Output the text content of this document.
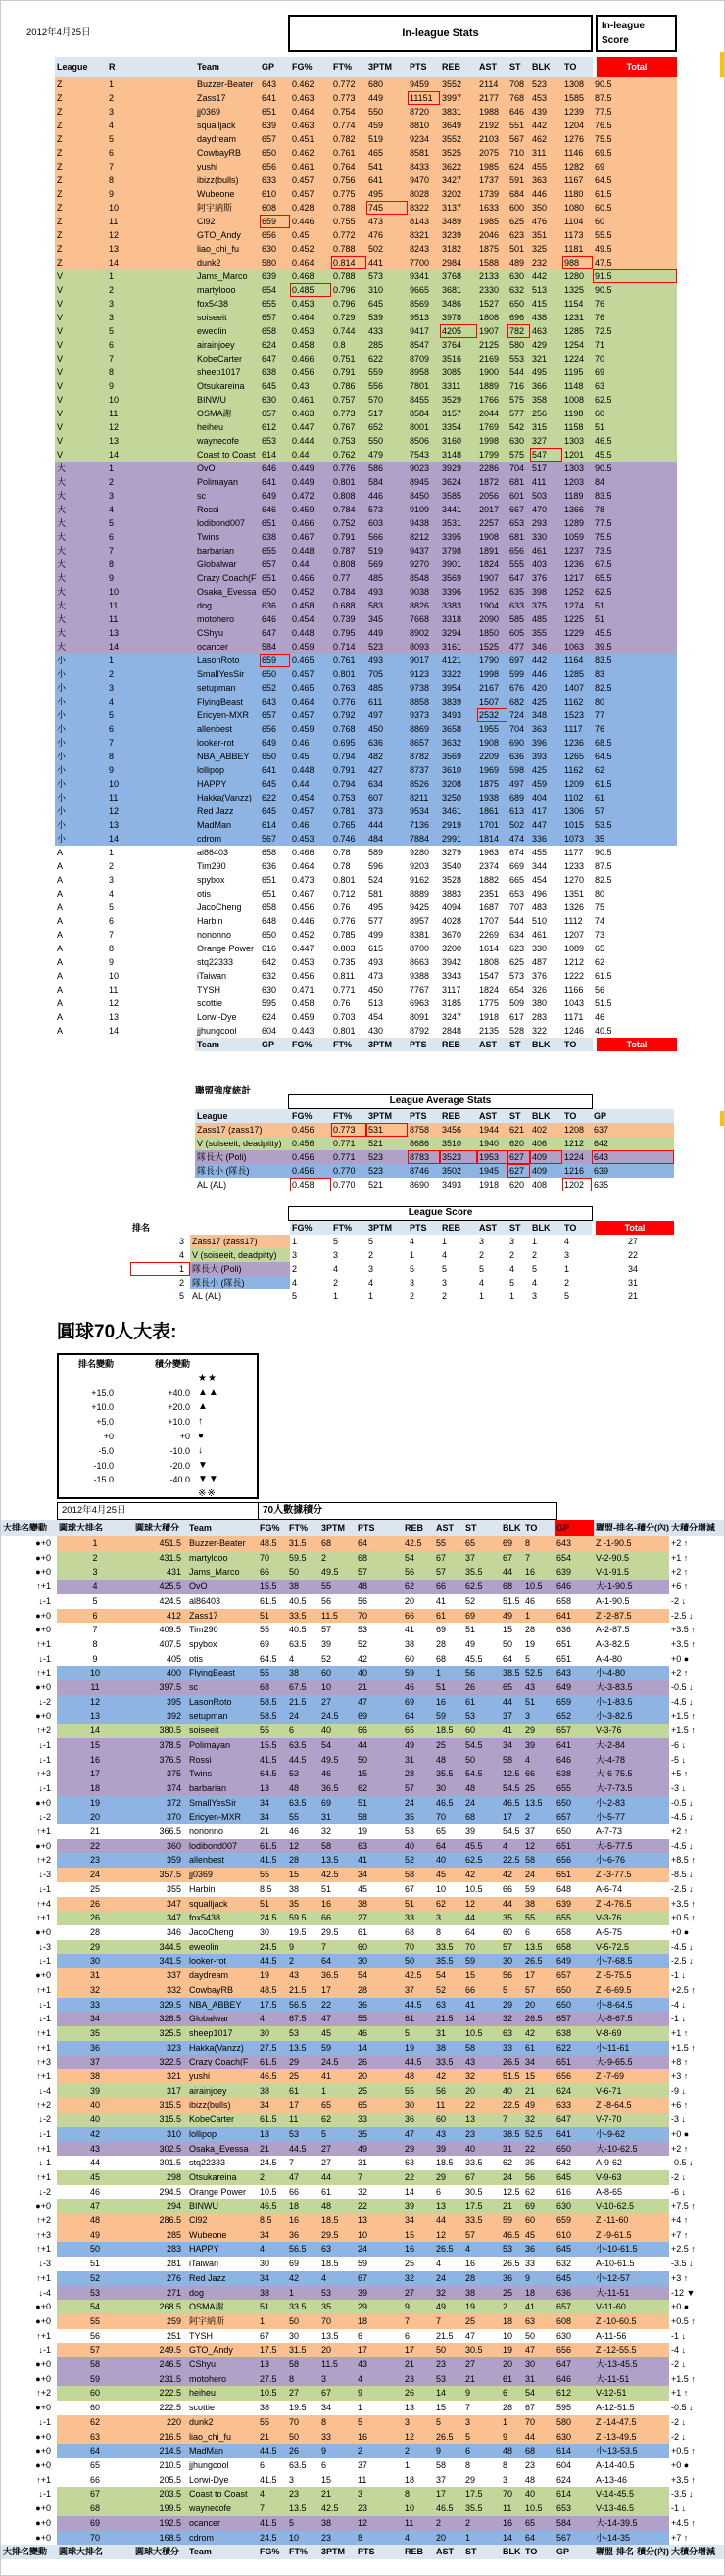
2012年4月25日	In-league Stats
In-league Score
League	R	Team	GP	FG%	FT%	3PTM	PTS	REB	AST	ST	BLK	TO	Total
Z	1	Buzzer-Beater	643	0.462	0.772	680	9459	3552	2114	708	523	1308	90.5
Z	2	Zass17	641	0.463	0.773	449	11151	3997	2177	768	453	1585	87.5
Z	3	jj0369	651	0.464	0.754	550	8720	3831	1988	646	439	1239	77.5
Z	4	squalljack	639	0.463	0.774	459	8810	3649	2192	551	442	1204	76.5
Z	5	daydream	657	0.451	0.782	519	9234	3552	2103	567	462	1276	75.5
Z	6	CowbayRB	650	0.462	0.761	465	8581	3525	2075	710	311	1146	69.5
Z	7	yushi	656	0.461	0.764	541	8433	3622	1985	624	455	1282	69
Z	8	ibizz(bulls)	633	0.457	0.756	641	9470	3427	1737	591	363	1167	64.5
Z	9	Wubeone	610	0.457	0.775	495	8028	3202	1739	684	446	1180	61.5
Z	10	阿宇納斯	608	0.428	0.788	745	8322	3137	1633	600	350	1080	60.5
Z	11	Cl92	659	0.446	0.755	473	8143	3489	1985	625	476	1104	60
Z	12	GTO_Andy	656	0.45	0.772	476	8321	3239	2046	623	351	1173	55.5
Z	13	liao_chi_fu	630	0.452	0.788	502	8243	3182	1875	501	325	1181	49.5
Z	14	dunk2	580	0.464	0.814	441	7700	2984	1588	489	232	988	47.5
V	1	Jams_Marco	639	0.468	0.788	573	9341	3768	2133	630	442	1280	91.5
V	2	martylooo	654	0.485	0.796	310	9665	3681	2330	632	513	1325	90.5
V	3	fox5438	655	0.453	0.796	645	8569	3486	1527	650	415	1154	76
V	3	soiseeit	657	0.464	0.729	539	9513	3978	1808	696	438	1231	76
V	5	eweolin	658	0.453	0.744	433	9417	4205	1907	782	463	1285	72.5
V	6	airainjoey	624	0.458	0.8	285	8547	3764	2125	580	429	1254	71
V	7	KobeCarter	647	0.466	0.751	622	8709	3516	2169	553	321	1224	70
V	8	sheep1017	638	0.456	0.791	559	8958	3085	1900	544	495	1195	69
V	9	Otsukareina	645	0.43	0.786	556	7801	3311	1889	716	366	1148	63
V	10	BINWU	630	0.461	0.757	570	8455	3529	1766	575	358	1008	62.5
V	11	OSMA謝	657	0.463	0.773	517	8584	3157	2044	577	256	1198	60
V	12	heiheu	612	0.447	0.767	652	8001	3354	1769	542	315	1158	51
V	13	waynecofe	653	0.444	0.753	550	8506	3160	1998	630	327	1303	46.5
V	14	Coast to Coast	614	0.44	0.762	479	7543	3148	1799	575	547	1201	45.5
大	1	OvO	646	0.449	0.776	586	9023	3929	2286	704	517	1303	90.5
大	2	Polimayan	641	0.449	0.801	584	8945	3624	1872	681	411	1203	84
大	3	sc	649	0.472	0.808	446	8450	3585	2056	601	503	1189	83.5
大	4	Rossi	646	0.459	0.784	573	9109	3441	2017	667	470	1366	78
大	5	lodibond007	651	0.466	0.752	603	9438	3531	2257	653	293	1289	77.5
大	6	Twins	638	0.467	0.791	566	8212	3395	1908	681	330	1059	75.5
大	7	barbarian	655	0.448	0.787	519	9437	3798	1891	656	461	1237	73.5
大	8	Globalwar	657	0.44	0.808	569	9270	3901	1824	555	403	1236	67.5
大	9	Crazy Coach(F	651	0.466	0.77	485	8548	3569	1907	647	376	1217	65.5
大	10	Osaka_Evessa	650	0.452	0.784	493	9038	3396	1952	635	398	1252	62.5
大	11	dog	636	0.458	0.688	583	8826	3383	1904	633	375	1274	51
大	11	motohero	646	0.454	0.739	345	7668	3318	2090	585	485	1225	51
大	13	CShyu	647	0.448	0.795	449	8902	3294	1850	605	355	1229	45.5
大	14	ocancer	584	0.459	0.714	523	8093	3161	1525	477	346	1063	39.5
小	1	LasonRoto	659	0.465	0.761	493	9017	4121	1790	697	442	1164	83.5
小	2	SmallYesSir	650	0.457	0.801	705	9123	3322	1998	599	446	1285	83
小	3	setupman	652	0.465	0.763	485	9738	3954	2167	676	420	1407	82.5
小	4	FlyingBeast	643	0.464	0.776	611	8858	3839	1507	682	425	1162	80
小	5	Ericyen-MXR	657	0.457	0.792	497	9373	3493	2532	724	348	1523	77
小	6	allenbest	656	0.459	0.768	450	8869	3658	1955	704	363	1117	76
小	7	looker-rot	649	0.46	0.695	636	8657	3632	1908	690	396	1236	68.5
小	8	NBA_ABBEY	650	0.45	0.794	482	8782	3569	2209	636	393	1265	64.5
小	9	lollipop	641	0.448	0.791	427	8737	3610	1969	598	425	1162	62
小	10	HAPPY	645	0.44	0.794	634	8526	3208	1875	497	459	1209	61.5
小	11	Hakka(Vanzz)	622	0.454	0.753	607	8211	3250	1938	689	404	1102	61
小	12	Red Jazz	645	0.457	0.781	373	9534	3461	1861	613	417	1306	57
小	13	MadMan	614	0.46	0.765	444	7136	2919	1701	502	447	1015	53.5
小	14	cdrom	567	0.453	0.746	484	7884	2991	1814	474	336	1073	35
A	1	al86403	658	0.466	0.78	589	9280	3279	1963	674	455	1177	90.5
A	2	Tim290	636	0.464	0.78	596	9203	3540	2374	669	344	1233	87.5
A	3	spybox	651	0.473	0.801	524	9162	3528	1882	665	454	1270	82.5
A	4	otis	651	0.467	0.712	581	8889	3883	2351	653	496	1351	80
A	5	JacoCheng	658	0.456	0.76	495	9425	4094	1687	707	483	1326	75
A	6	Harbin	648	0.446	0.776	577	8957	4028	1707	544	510	1112	74
A	7	nononno	650	0.452	0.785	499	8381	3670	2269	634	461	1207	73
A	8	Orange Power	616	0.447	0.803	615	8700	3200	1614	623	330	1089	65
A	9	stq22333	642	0.453	0.735	493	8663	3942	1808	625	487	1212	62
A	10	iTaiwan	632	0.456	0.811	473	9388	3343	1547	573	376	1222	61.5
A	11	TYSH	630	0.471	0.771	450	7767	3117	1824	654	326	1166	56
A	12	scottie	595	0.458	0.76	513	6963	3185	1775	509	380	1043	51.5
A	13	Lorwi-Dye	624	0.459	0.703	454	8091	3247	1918	617	283	1171	46
A	14	jjhungcool	604	0.443	0.801	430	8792	2848	2135	528	322	1246	40.5
		Team	GP	FG%	FT%	3PTM	PTS	REB	AST	ST	BLK	TO	Total
聯盟強度統計
League Average Stats
League	FG%	FT%	3PTM	PTS	REB	AST	ST	BLK	TO	GP
Zass17 (zass17)	0.456	0.773	531	8758	3456	1944	621	402	1208	637
V (soiseeit, deadpitty)	0.456	0.771	521	8686	3510	1940	620	406	1212	642
隊長大 (Poli)	0.456	0.771	523	8783	3523	1953	627	409	1224	643
隊長小 (隊長)	0.456	0.770	523	8746	3502	1945	627	409	1216	639
AL (AL)	0.458	0.770	521	8690	3493	1918	620	408	1202	635
League Score
排名		FG%	FT%	3PTM	PTS	REB	AST	ST	BLK	TO	Total
3	Zass17 (zass17)	1	5	5	4	1	3	3	1	4	27
4	V (soiseeit, deadpitty)	3	3	2	1	4	2	2	2	3	22
1	隊長大 (Poli)	2	4	3	5	5	5	4	5	1	34
2	隊長小 (隊長)	4	2	4	3	3	4	5	4	2	31
5	AL (AL)	5	1	1	2	2	1	1	3	5	21
圓球70人大表:
排名變動	積分變動	
		★★
+15.0	+40.0	▲▲
+10.0	+20.0	▲
+5.0	+10.0	↑
+0	+0	●
-5.0	-10.0	↓
-10.0	-20.0	▼
-15.0	-40.0	▼▼
		※※
2012年4月25日	70人數據積分
大排名變動	圓球大排名	圓球大積分	Team	FG%	FT%	3PTM	PTS	REB	AST	ST	BLK	TO	GP	聯盟-排名-積分(內)	大積分增減
●+0	1	451.5	Buzzer-Beater	48.5	31.5	68	64	42.5	55	65	69	8	643	Z -1-90.5	+2 ↑
●+0	2	431.5	martylooo	70	59.5	2	68	54	67	37	67	7	654	V-2-90.5	+1 ↑
●+0	3	431	Jams_Marco	66	50	49.5	57	56	57	35.5	44	16	639	V-1-91.5	+2 ↑
↑+1	4	425.5	OvO	15.5	38	55	48	62	66	62.5	68	10.5	646	大-1-90.5	+6 ↑
↓-1	5	424.5	al86403	61.5	40.5	56	56	20	41	52	51.5	46	658	A-1-90.5	-2 ↓
●+0	6	412	Zass17	51	33.5	11.5	70	66	61	69	49	1	641	Z -2-87.5	-2.5 ↓
●+0	7	409.5	Tim290	55	40.5	57	53	41	69	51	15	28	636	A-2-87.5	+3.5 ↑
↑+1	8	407.5	spybox	69	63.5	39	52	38	28	49	50	19	651	A-3-82.5	+3.5 ↑
↓-1	9	405	otis	64.5	4	52	42	60	68	45.5	64	5	651	A-4-80	+0 ●
↑+1	10	400	FlyingBeast	55	38	60	40	59	1	56	38.5	52.5	643	小-4-80	+2 ↑
●+0	11	397.5	sc	68	67.5	10	21	46	51	26	65	43	649	大-3-83.5	-0.5 ↓
↓-2	12	395	LasonRoto	58.5	21.5	27	47	69	16	61	44	51	659	小-1-83.5	-4.5 ↓
●+0	13	392	setupman	58.5	24	24.5	69	64	59	53	37	3	652	小-3-82.5	+1.5 ↑
↑+2	14	380.5	soiseeit	55	6	40	66	65	18.5	60	41	29	657	V-3-76	+1.5 ↑
↓-1	15	378.5	Polimayan	15.5	63.5	54	44	49	25	54.5	34	39	641	大-2-84	-6 ↓
↓-1	16	376.5	Rossi	41.5	44.5	49.5	50	31	48	50	58	4	646	大-4-78	-5 ↓
↑+3	17	375	Twins	64.5	53	46	15	28	35.5	54.5	12.5	66	638	大-6-75.5	+5 ↑
↓-1	18	374	barbarian	13	48	36.5	62	57	30	48	54.5	25	655	大-7-73.5	-3 ↓
●+0	19	372	SmallYesSir	34	63.5	69	51	24	46.5	24	46.5	13.5	650	小-2-83	-0.5 ↓
↓-2	20	370	Ericyen-MXR	34	55	31	58	35	70	68	17	2	657	小-5-77	-4.5 ↓
↑+1	21	366.5	nononno	21	46	32	19	53	65	39	54.5	37	650	A-7-73	+2 ↑
●+0	22	360	lodibond007	61.5	12	58	63	40	64	45.5	4	12	651	大-5-77.5	-4.5 ↓
↑+2	23	359	allenbest	41.5	28	13.5	41	52	40	62.5	22.5	58	656	小-6-76	+8.5 ↑
↓-3	24	357.5	jj0369	55	15	42.5	34	58	45	42	42	24	651	Z -3-77.5	-8.5 ↓
↓-1	25	355	Harbin	8.5	38	51	45	67	10	10.5	66	59	648	A-6-74	-2.5 ↓
↑+4	26	347	squalljack	51	35	16	38	51	62	12	44	38	639	Z -4-76.5	+3.5 ↑
↑+1	26	347	fox5438	24.5	59.5	66	27	33	3	44	35	55	655	V-3-76	+0.5 ↑
●+0	28	346	JacoCheng	30	19.5	29.5	61	68	8	64	60	6	658	A-5-75	+0 ●
↓-3	29	344.5	eweolin	24.5	9	7	60	70	33.5	70	57	13.5	658	V-5-72.5	-4.5 ↓
↓-1	30	341.5	looker-rot	44.5	2	64	30	50	35.5	59	30	26.5	649	小-7-68.5	-2.5 ↓
●+0	31	337	daydream	19	43	36.5	54	42.5	54	15	56	17	657	Z -5-75.5	-1 ↓
↑+1	32	332	CowbayRB	48.5	21.5	17	28	37	52	66	5	57	650	Z -6-69.5	+2.5 ↑
↓-1	33	329.5	NBA_ABBEY	17.5	56.5	22	36	44.5	63	41	29	20	650	小-8-64.5	-4 ↓
↓-1	34	328.5	Globalwar	4	67.5	47	55	61	21.5	14	32	26.5	657	大-8-67.5	-1 ↓
↑+1	35	325.5	sheep1017	30	53	45	46	5	31	10.5	63	42	638	V-8-69	+1 ↑
↑+1	36	323	Hakka(Vanzz)	27.5	13.5	59	14	19	38	58	33	61	622	小-11-61	+1.5 ↑
↑+3	37	322.5	Crazy Coach(F	61.5	29	24.5	26	44.5	33.5	43	26.5	34	651	大-9-65.5	+8 ↑
↑+1	38	321	yushi	46.5	25	41	20	48	42	32	51.5	15	656	Z -7-69	+3 ↑
↓-4	39	317	airainjoey	38	61	1	25	55	56	20	40	21	624	V-6-71	-9 ↓
↑+2	40	315.5	ibizz(bulls)	34	17	65	65	30	11	22	22.5	49	633	Z -8-64.5	+6 ↑
↓-2	40	315.5	KobeCarter	61.5	11	62	33	36	60	13	7	32	647	V-7-70	-3 ↓
↓-1	42	310	lollipop	13	53	5	35	47	43	23	38.5	52.5	641	小-9-62	+0 ●
↑+1	43	302.5	Osaka_Evessa	21	44.5	27	49	29	39	40	31	22	650	大-10-62.5	+2 ↑
↓-1	44	301.5	stq22333	24.5	7	27	31	63	18.5	33.5	62	35	642	A-9-62	-0.5 ↓
↑+1	45	298	Otsukareina	2	47	44	7	22	29	67	24	56	645	V-9-63	-2 ↓
↓-2	46	294.5	Orange Power	10.5	66	61	32	14	6	30.5	12.5	62	616	A-8-65	-6 ↓
●+0	47	294	BINWU	46.5	18	48	22	39	13	17.5	21	69	630	V-10-62.5	+7.5 ↑
↑+2	48	286.5	Cl92	8.5	16	18.5	13	34	44	33.5	59	60	659	Z -11-60	+4 ↑
↑+3	49	285	Wubeone	34	36	29.5	10	15	12	57	46.5	45	610	Z -9-61.5	+7 ↑
↑+1	50	283	HAPPY	4	56.5	63	24	16	26.5	4	53	36	645	小-10-61.5	+2.5 ↑
↓-3	51	281	iTaiwan	30	69	18.5	59	25	4	16	26.5	33	632	A-10-61.5	-3.5 ↓
↑+1	52	276	Red Jazz	34	42	4	67	32	24	28	36	9	645	小-12-57	+3 ↑
↓-4	53	271	dog	38	1	53	39	27	32	38	25	18	636	大-11-51	-12 ▼
●+0	54	268.5	OSMA謝	51	33.5	35	29	9	49	19	2	41	657	V-11-60	+0 ●
●+0	55	259	阿宇納斯	1	50	70	18	7	7	25	18	63	608	Z -10-60.5	+0.5 ↑
↑+1	56	251	TYSH	67	30	13.5	6	6	21.5	47	10	50	630	A-11-56	-1 ↓
↓-1	57	249.5	GTO_Andy	17.5	31.5	20	17	17	50	30.5	19	47	656	Z -12-55.5	-4 ↓
●+0	58	246.5	CShyu	13	58	11.5	43	21	23	27	20	30	647	大-13-45.5	-2 ↓
●+0	59	231.5	motohero	27.5	8	3	4	23	53	21	61	31	646	大-11-51	+1.5 ↑
↑+2	60	222.5	heiheu	10.5	27	67	9	26	14	9	6	54	612	V-12-51	+1 ↑
●+0	60	222.5	scottie	38	19.5	34	1	13	15	7	28	67	595	A-12-51.5	-0.5 ↓
↓-1	62	220	dunk2	55	70	8	5	3	5	3	1	70	580	Z -14-47.5	-2 ↓
●+0	63	216.5	liao_chi_fu	21	50	33	16	12	26.5	5	9	44	630	Z -13-49.5	-2 ↓
●+0	64	214.5	MadMan	44.5	26	9	2	2	9	6	48	68	614	小-13-53.5	+0.5 ↑
●+0	65	210.5	jjhungcool	6	63.5	6	37	1	58	8	8	23	604	A-14-40.5	+0 ●
↑+1	66	205.5	Lorwi-Dye	41.5	3	15	11	18	37	29	3	48	624	A-13-46	+3.5 ↑
↓-1	67	203.5	Coast to Coast	4	23	21	3	8	17	17.5	70	40	614	V-14-45.5	-3.5 ↓
●+0	68	199.5	waynecofe	7	13.5	42.5	23	10	46.5	35.5	11	10.5	653	V-13-46.5	-1 ↓
●+0	69	192.5	ocancer	41.5	5	38	12	11	2	2	16	65	584	大-14-39.5	+4.5 ↑
●+0	70	168.5	cdrom	24.5	10	23	8	4	20	1	14	64	567	小-14-35	+7 ↑
大排名變動	圓球大排名	圓球大積分	Team	FG%	FT%	3PTM	PTS	REB	AST	ST	BLK	TO	GP	聯盟-排名-積分(內)	大積分增減
